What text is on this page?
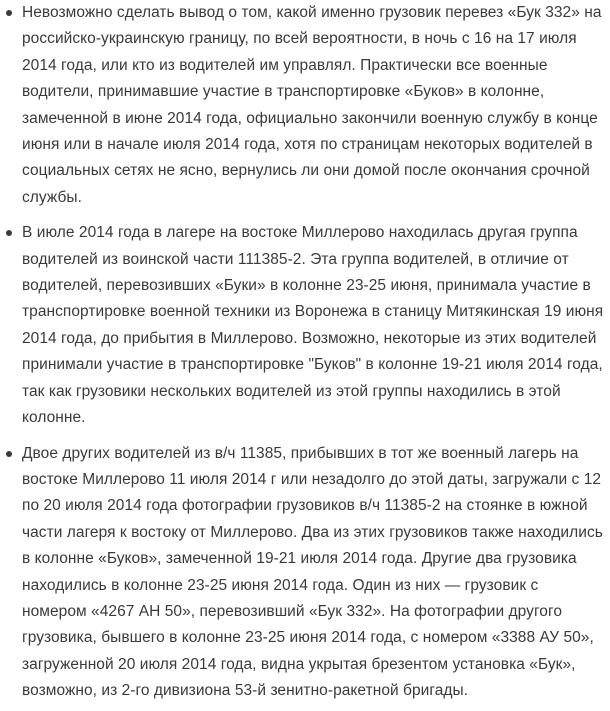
Невозможно сделать вывод о том, какой именно грузовик перевез «Бук 332» на российско-украинскую границу, по всей вероятности, в ночь с 16 на 17 июля 2014 года, или кто из водителей им управлял. Практически все военные водители, принимавшие участие в транспортировке «Буков» в колонне, замеченной в июне 2014 года, официально закончили военную службу в конце июня или в начале июля 2014 года, хотя по страницам некоторых водителей в социальных сетях не ясно, вернулись ли они домой после окончания срочной службы.
В июле 2014 года в лагере на востоке Миллерово находилась другая группа водителей из воинской части 111385-2. Эта группа водителей, в отличие от водителей, перевозивших «Буки» в колонне 23-25 июня, принимала участие в транспортировке военной техники из Воронежа в станицу Митякинская 19 июня 2014 года, до прибытия в Миллерово. Возможно, некоторые из этих водителей принимали участие в транспортировке "Буков" в колонне 19-21 июля 2014 года, так как грузовики нескольких водителей из этой группы находились в этой колонне.
Двое других водителей из в/ч 11385, прибывших в тот же военный лагерь на востоке Миллерово 11 июля 2014 г или незадолго до этой даты, загружали с 12 по 20 июля 2014 года фотографии грузовиков в/ч 11385-2 на стоянке в южной части лагеря к востоку от Миллерово. Два из этих грузовиков также находились в колонне «Буков», замеченной 19-21 июля 2014 года. Другие два грузовика находились в колонне 23-25 июня 2014 года. Один из них — грузовик с номером «4267 АН 50», перевозивший «Бук 332». На фотографии другого грузовика, бывшего в колонне 23-25 июня 2014 года, с номером «3388 АУ 50», загруженной 20 июля 2014 года, видна укрытая брезентом установка «Бук», возможно, из 2-го дивизиона 53-й зенитно-ракетной бригады.
